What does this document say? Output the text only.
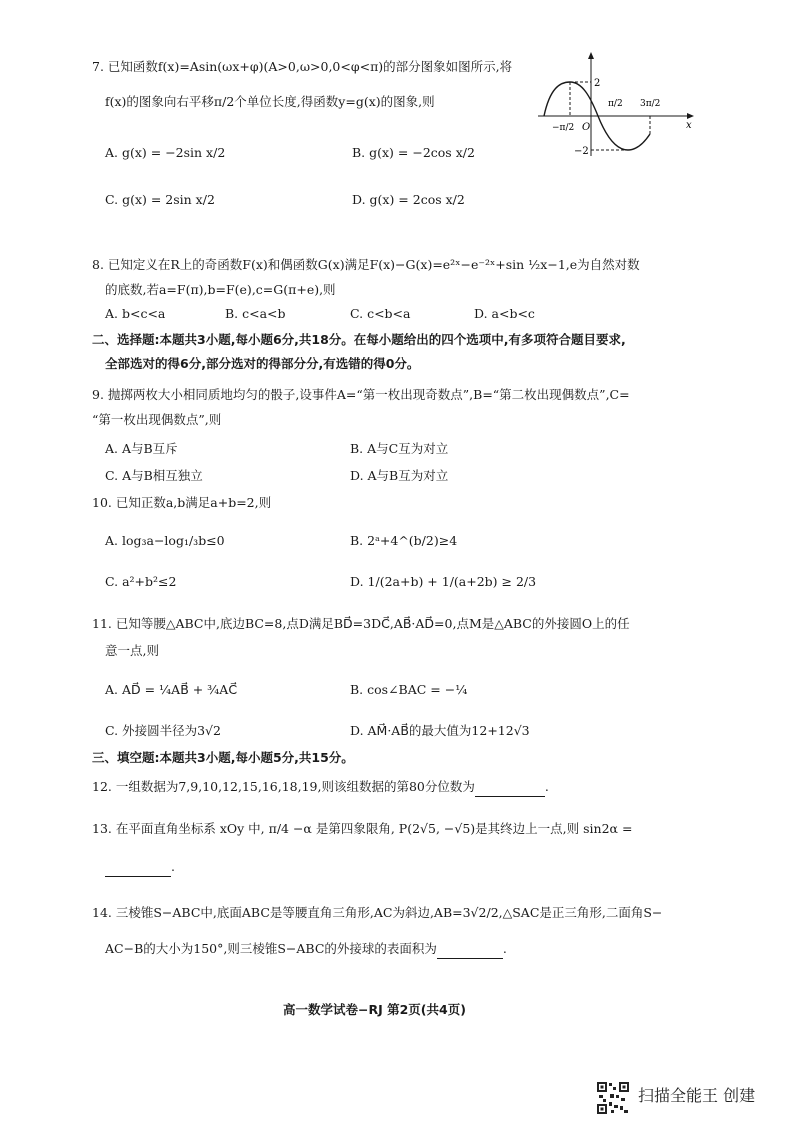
7. 已知函数f(x)=Asin(ωx+φ)(A>0,ω>0,0<φ<π)的部分图象如图所示,将
f(x)的图象向右平移π/2个单位长度,得函数y=g(x)的图象,则
A. g(x) = −2sin x/2	B. g(x) = −2cos x/2
C. g(x) = 2sin x/2	D. g(x) = 2cos x/2
2
−2
O	x
−π/2
π/2 3π/2
8. 已知定义在R上的奇函数F(x)和偶函数G(x)满足F(x)−G(x)=e²ˣ−e⁻²ˣ+sin ½x−1,e为自然对数
的底数,若a=F(π),b=F(e),c=G(π+e),则
A. b<c<a	B. c<a<b	C. c<b<a	D. a<b<c
二、选择题:本题共3小题,每小题6分,共18分。在每小题给出的四个选项中,有多项符合题目要求,
全部选对的得6分,部分选对的得部分分,有选错的得0分。
9. 抛掷两枚大小相同质地均匀的骰子,设事件A=“第一枚出现奇数点”,B=“第二枚出现偶数点”,C=
“第一枚出现偶数点”,则
A. A与B互斥	B. A与C互为对立
C. A与B相互独立	D. A与B互为对立
10. 已知正数a,b满足a+b=2,则
A. log₃a−log₁/₃b≤0	B. 2ᵃ+4^(b/2)≥4
C. a²+b²≤2	D. 1/(2a+b) + 1/(a+2b) ≥ 2/3
11. 已知等腰△ABC中,底边BC=8,点D满足BD⃗=3DC⃗,AB⃗·AD⃗=0,点M是△ABC的外接圆O上的任
意一点,则
A. AD⃗ = ¼AB⃗ + ¾AC⃗	B. cos∠BAC = −¼
C. 外接圆半径为3√2	D. AM⃗·AB⃗的最大值为12+12√3
三、填空题:本题共3小题,每小题5分,共15分。
12. 一组数据为7,9,10,12,15,16,18,19,则该组数据的第80分位数为	.
13. 在平面直角坐标系 xOy 中, π/4 −α 是第四象限角, P(2√5, −√5)是其终边上一点,则 sin2α =
.
14. 三棱锥S−ABC中,底面ABC是等腰直角三角形,AC为斜边,AB=3√2/2,△SAC是正三角形,二面角S−
AC−B的大小为150°,则三棱锥S−ABC的外接球的表面积为	.
高一数学试卷−RJ 第2页(共4页)
扫描全能王 创建
